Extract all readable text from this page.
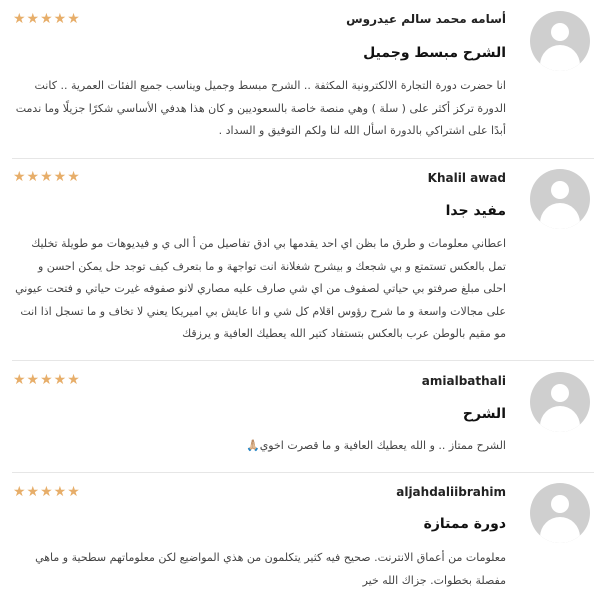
أسامه محمد سالم عيدروس
★★★★★
الشرح مبسط وجميل
انا حضرت دورة التجارة الالكترونية المكثفة .. الشرح مبسط وجميل ويناسب جميع الفئات العمرية .. كانت الدورة تركز أكثر على ( سلة ) وهي منصة خاصة بالسعوديين و كان هذا هدفي الأساسي شكرًا جزيلًا وما ندمت أبدًا على اشتراكي بالدورة اسأل الله لنا ولكم التوفيق و السداد .
Khalil awad
★★★★★
مفيد جدا
اعطاني معلومات و طرق ما بظن اي احد يقدمها بي ادق تفاصيل من أ الى ي و فيديوهات مو طويلة تخليك تمل بالعكس تستمتع و بي شجعك و بيشرح شغلانة انت تواجهة و ما بتعرف كيف توجد حل يمكن احسن و احلى مبلغ صرفتو بي حياتي لصفوف من اي شي صارف عليه مصاري لانو صفوفه غيرت حياتي و فتحت عيوني على مجالات واسعة و ما شرح رؤوس اقلام كل شي و انا عايش بي اميريكا يعني لا تخاف و ما تسجل اذا انت مو مقيم بالوطن عرب بالعكس بتستفاد كتير الله يعطيك العافية و يرزقك
amialbathali
★★★★★
الشرح
الشرح ممتاز .. و الله يعطيك العافية و ما قصرت اخوي🙏🏼
aljahdaliibrahim
★★★★★
دورة ممتازة
معلومات من أعماق الانترنت. صحيح فيه كثير يتكلمون من هذي المواضيع لكن معلوماتهم سطحية و ماهي مفصلة بخطوات. جزاك الله خير
